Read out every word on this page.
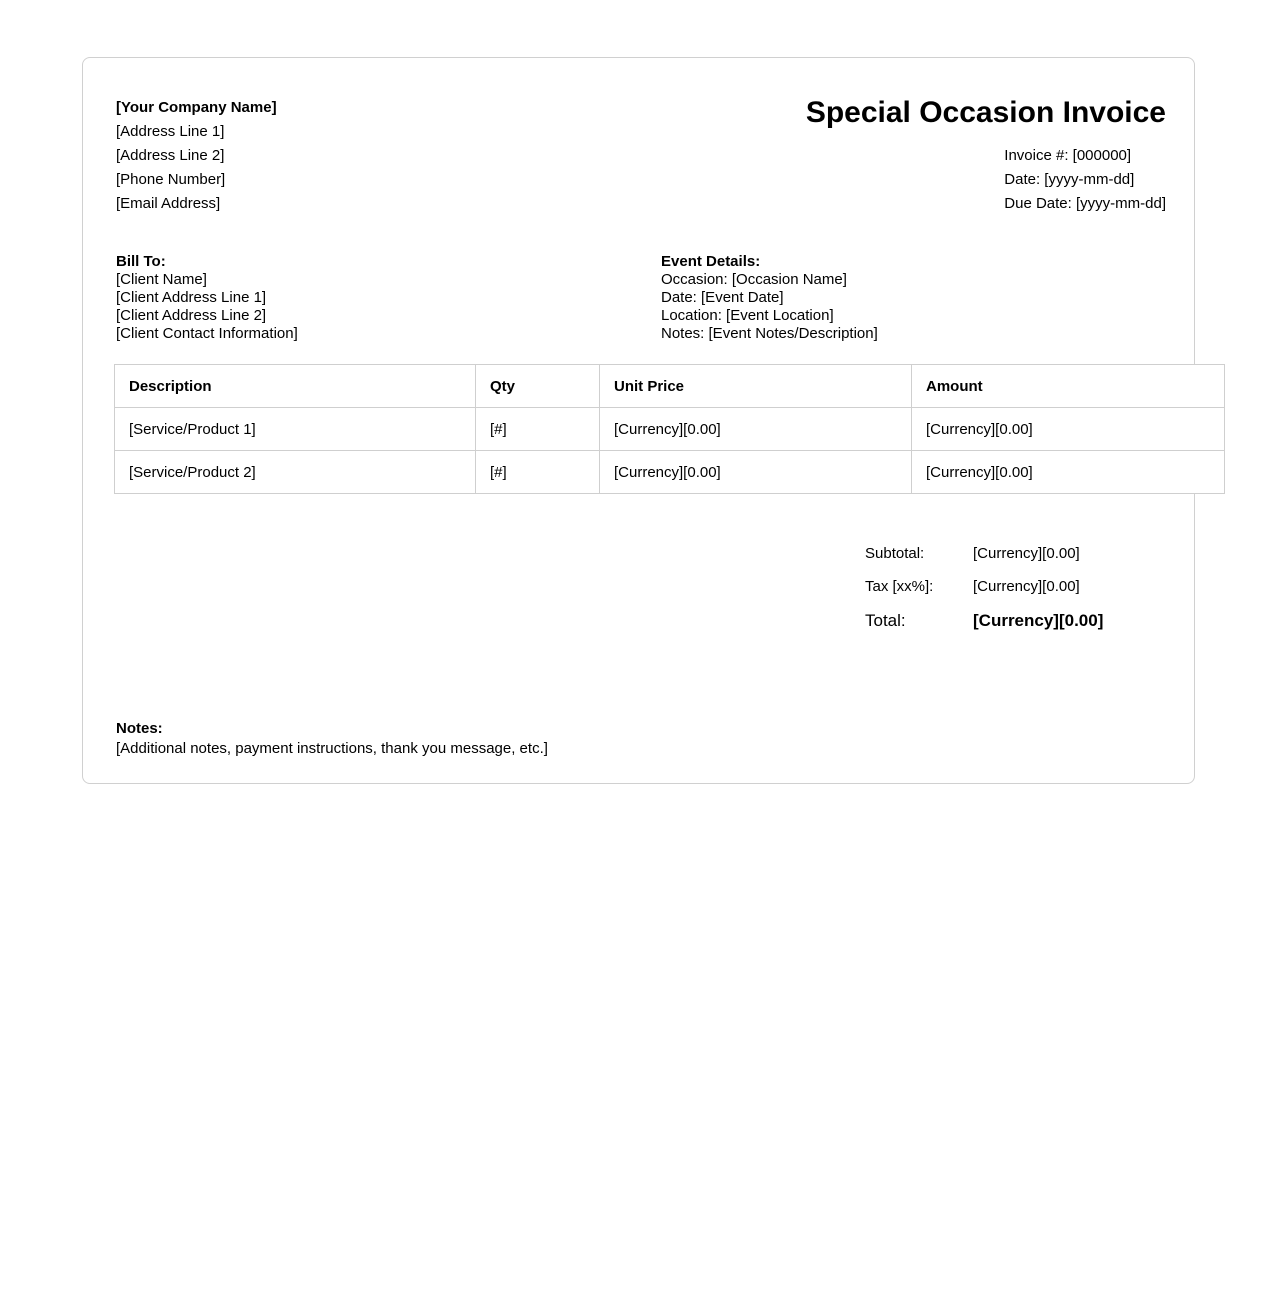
[Your Company Name]
[Address Line 1]
[Address Line 2]
[Phone Number]
[Email Address]
Special Occasion Invoice
Invoice #: [000000]
Date: [yyyy-mm-dd]
Due Date: [yyyy-mm-dd]
Bill To:
[Client Name]
[Client Address Line 1]
[Client Address Line 2]
[Client Contact Information]
Event Details:
Occasion: [Occasion Name]
Date: [Event Date]
Location: [Event Location]
Notes: [Event Notes/Description]
Description	Qty	Unit Price	Amount
[Service/Product 1]	[#]	[Currency][0.00]	[Currency][0.00]
[Service/Product 2]	[#]	[Currency][0.00]	[Currency][0.00]
Subtotal:	[Currency][0.00]
Tax [xx%]:	[Currency][0.00]
Total:	[Currency][0.00]
Notes:
[Additional notes, payment instructions, thank you message, etc.]
